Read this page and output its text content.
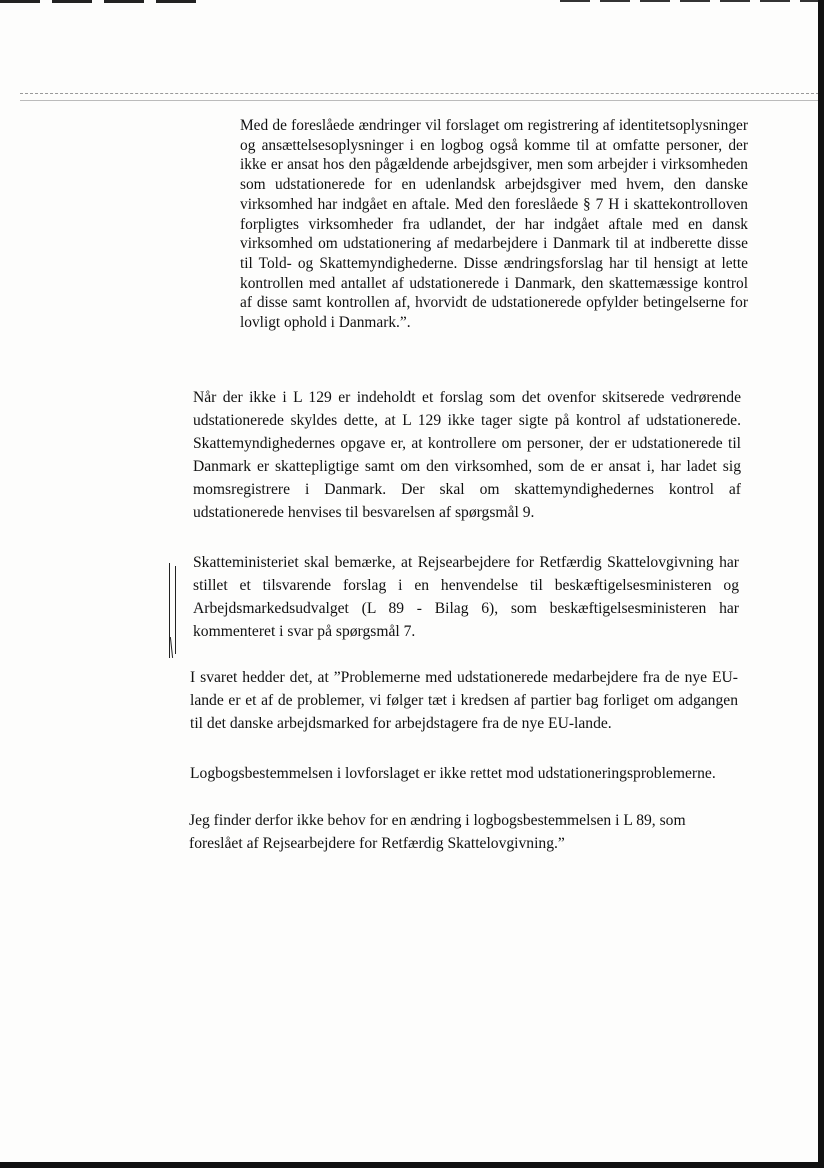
Med de foreslåede ændringer vil forslaget om registrering af identitetsoplysninger og ansættelsesoplysninger i en logbog også komme til at omfatte personer, der ikke er ansat hos den pågældende arbejdsgiver, men som arbejder i virksomheden som udstationerede for en udenlandsk arbejdsgiver med hvem, den danske virksomhed har indgået en aftale. Med den foreslåede § 7 H i skattekontrolloven forpligtes virksomheder fra udlandet, der har indgået aftale med en dansk virksomhed om udstationering af medarbejdere i Danmark til at indberette disse til Told- og Skattemyndighederne. Disse ændringsforslag har til hensigt at lette kontrollen med antallet af udstationerede i Danmark, den skattemæssige kontrol af disse samt kontrollen af, hvorvidt de udstationerede opfylder betingelserne for lovligt ophold i Danmark.”.

Når der ikke i L 129 er indeholdt et forslag som det ovenfor skitserede vedrørende udstationerede skyldes dette, at L 129 ikke tager sigte på kontrol af udstationerede. Skattemyndighedernes opgave er, at kontrollere om personer, der er udstationerede til Danmark er skattepligtige samt om den virksomhed, som de er ansat i, har ladet sig momsregistrere i Danmark. Der skal om skattemyndighedernes kontrol af udstationerede henvises til besvarelsen af spørgsmål 9.

Skatteministeriet skal bemærke, at Rejsearbejdere for Retfærdig Skattelovgivning har stillet et tilsvarende forslag i en henvendelse til beskæftigelsesministeren og Arbejdsmarkedsudvalget (L 89 - Bilag 6), som beskæftigelsesministeren har kommenteret i svar på spørgsmål 7.

I svaret hedder det, at ”Problemerne med udstationerede medarbejdere fra de nye EU-lande er et af de problemer, vi følger tæt i kredsen af partier bag forliget om adgangen til det danske arbejdsmarked for arbejdstagere fra de nye EU-lande.

Logbogsbestemmelsen i lovforslaget er ikke rettet mod udstationeringsproblemerne.

Jeg finder derfor ikke behov for en ændring i logbogsbestemmelsen i L 89, som foreslået af Rejsearbejdere for Retfærdig Skattelovgivning.”
